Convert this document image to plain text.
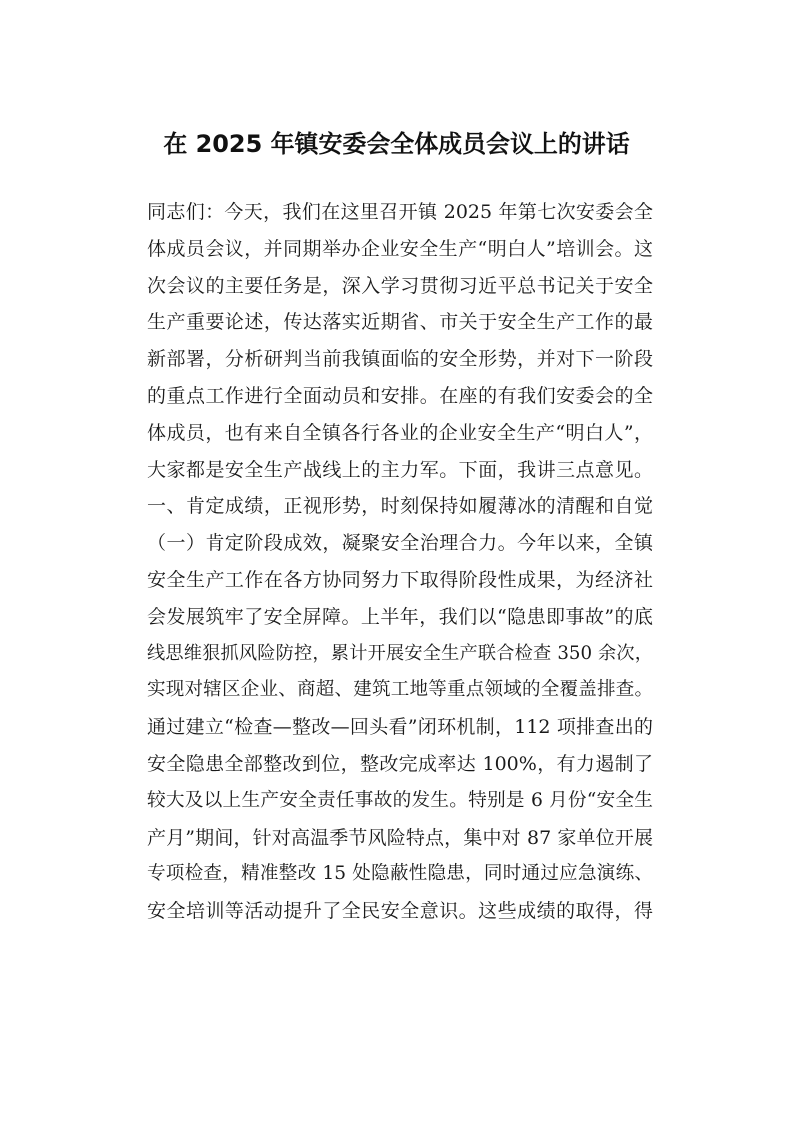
在 2025 年镇安委会全体成员会议上的讲话
同志们：今天，我们在这里召开镇 2025 年第七次安委会全
体成员会议，并同期举办企业安全生产“明白人”培训会。这
次会议的主要任务是，深入学习贯彻习近平总书记关于安全
生产重要论述，传达落实近期省、市关于安全生产工作的最
新部署，分析研判当前我镇面临的安全形势，并对下一阶段
的重点工作进行全面动员和安排。在座的有我们安委会的全
体成员，也有来自全镇各行各业的企业安全生产“明白人”，
大家都是安全生产战线上的主力军。下面，我讲三点意见。
一、肯定成绩，正视形势，时刻保持如履薄冰的清醒和自觉
（一）肯定阶段成效，凝聚安全治理合力。今年以来，全镇
安全生产工作在各方协同努力下取得阶段性成果，为经济社
会发展筑牢了安全屏障。上半年，我们以“隐患即事故”的底
线思维狠抓风险防控，累计开展安全生产联合检查 350 余次，
实现对辖区企业、商超、建筑工地等重点领域的全覆盖排查。
通过建立“检查—整改—回头看”闭环机制，112 项排查出的
安全隐患全部整改到位，整改完成率达 100%，有力遏制了
较大及以上生产安全责任事故的发生。特别是 6 月份“安全生
产月”期间，针对高温季节风险特点，集中对 87 家单位开展
专项检查，精准整改 15 处隐蔽性隐患，同时通过应急演练、
安全培训等活动提升了全民安全意识。这些成绩的取得，得
